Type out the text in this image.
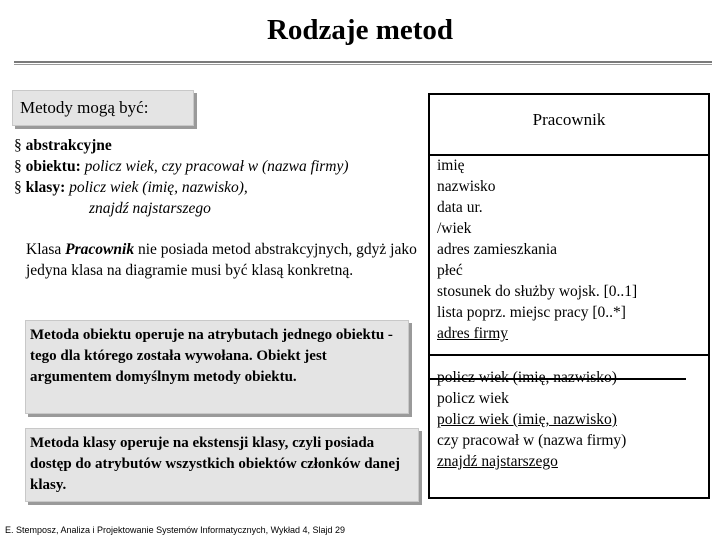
Rodzaje metod
Metody mogą być:
§ abstrakcyjne
§ obiektu: policz wiek, czy pracował w (nazwa firmy)
§ klasy: policz wiek (imię, nazwisko),
znajdź najstarszego
Klasa Pracownik nie posiada metod abstrakcyjnych, gdyż jako jedyna klasa na diagramie musi być klasą konkretną.
Metoda obiektu operuje na atrybutach jednego obiektu - tego dla którego została wywołana. Obiekt jest argumentem domyślnym metody obiektu.
Metoda klasy operuje na ekstensji klasy, czyli posiada dostęp do atrybutów wszystkich obiektów członków danej klasy.
Pracownik
imię
nazwisko
data ur.
/wiek
adres zamieszkania
płeć
stosunek do służby wojsk. [0..1]
lista poprz. miejsc pracy [0..*]
adres firmy
policz wiek
policz wiek (imię, nazwisko)
czy pracował w (nazwa firmy)
znajdź najstarszego
E. Stemposz, Analiza i Projektowanie Systemów Informatycznych, Wykład 4, Slajd 29
